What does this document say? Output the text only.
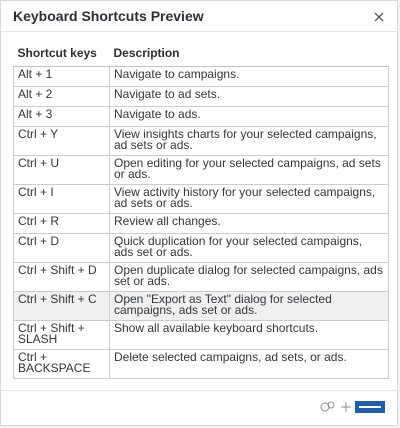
Keyboard Shortcuts Preview
Shortcut keys	Description
Alt + 1	Navigate to campaigns.
Alt + 2	Navigate to ad sets.
Alt + 3	Navigate to ads.
Ctrl + Y	View insights charts for your selected campaigns, ad sets or ads.
Ctrl + U	Open editing for your selected campaigns, ad sets or ads.
Ctrl + I	View activity history for your selected campaigns, ad sets or ads.
Ctrl + R	Review all changes.
Ctrl + D	Quick duplication for your selected campaigns, ads set or ads.
Ctrl + Shift + D	Open duplicate dialog for selected campaigns, ads set or ads.
Ctrl + Shift + C	Open "Export as Text" dialog for selected campaigns, ads set or ads.
Ctrl + Shift + SLASH	Show all available keyboard shortcuts.
Ctrl + BACKSPACE	Delete selected campaigns, ad sets, or ads.
